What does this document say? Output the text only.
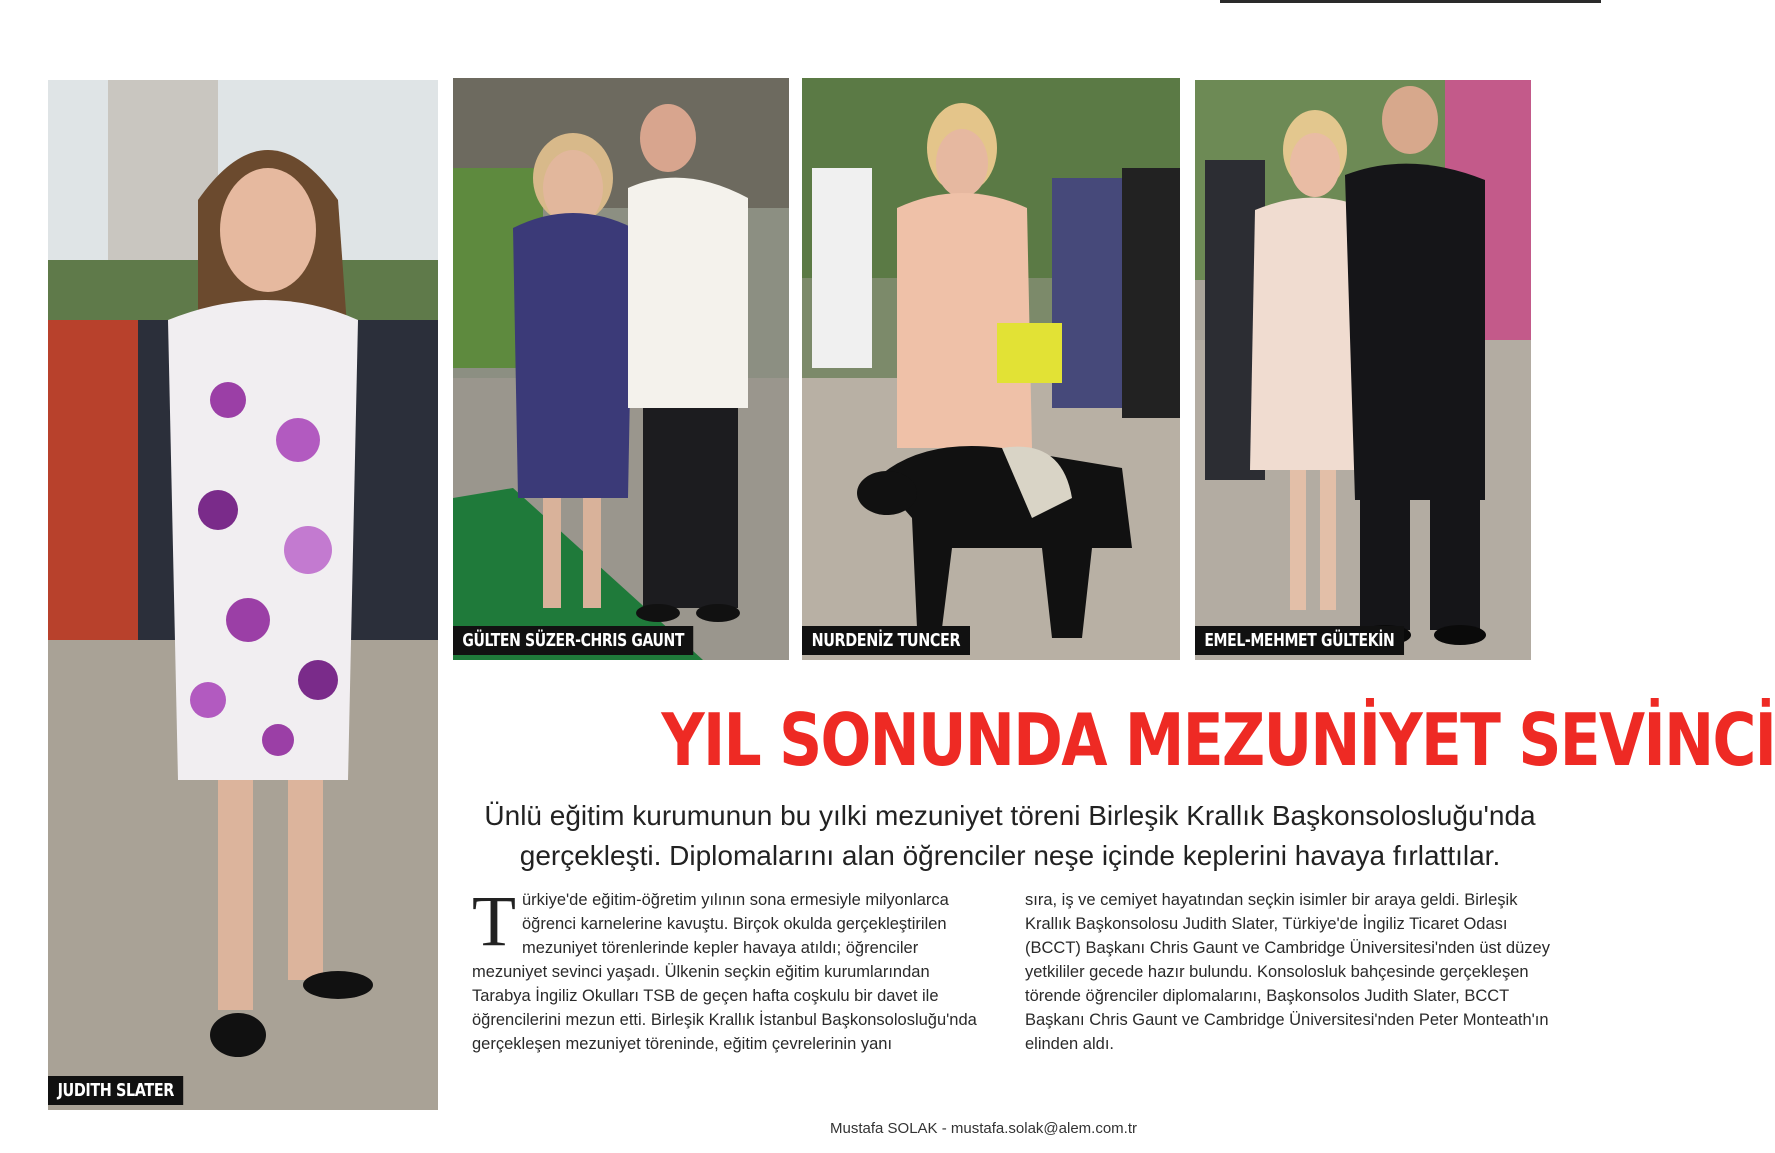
JUDITH SLATER
GÜLTEN SÜZER-CHRIS GAUNT	NURDENİZ TUNCER	EMEL-MEHMET GÜLTEKİN
YIL SONUNDA MEZUNİYET SEVİNCİ
Ünlü eğitim kurumunun bu yılki mezuniyet töreni Birleşik Krallık Başkonsolosluğu'nda gerçekleşti. Diplomalarını alan öğrenciler neşe içinde keplerini havaya fırlattılar.
T ürkiye'de eğitim-öğretim yılının sona ermesiyle milyonlarca öğrenci karnelerine kavuştu. Birçok okulda gerçekleştirilen mezuniyet törenlerinde kepler havaya atıldı; öğrenciler mezuniyet sevinci yaşadı. Ülkenin seçkin eğitim kurumlarından Tarabya İngiliz Okulları TSB de geçen hafta coşkulu bir davet ile öğrencilerini mezun etti. Birleşik Krallık İstanbul Başkonsolosluğu'nda gerçekleşen mezuniyet töreninde, eğitim çevrelerinin yanı
sıra, iş ve cemiyet hayatından seçkin isimler bir araya geldi. Birleşik Krallık Başkonsolosu Judith Slater, Türkiye'de İngiliz Ticaret Odası (BCCT) Başkanı Chris Gaunt ve Cambridge Üniversitesi'nden üst düzey yetkililer gecede hazır bulundu. Konsolosluk bahçesinde gerçekleşen törende öğrenciler diplomalarını, Başkonsolos Judith Slater, BCCT Başkanı Chris Gaunt ve Cambridge Üniversitesi'nden Peter Monteath'ın elinden aldı.
Mustafa SOLAK - mustafa.solak@alem.com.tr
